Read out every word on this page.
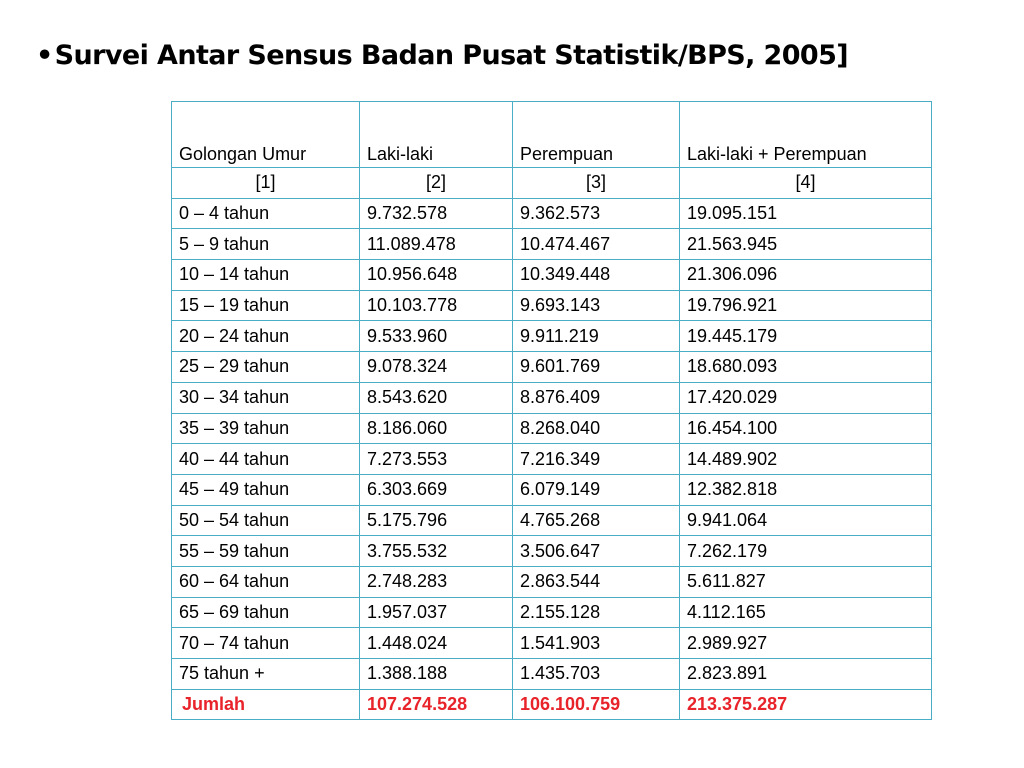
•Survei Antar Sensus Badan Pusat Statistik/BPS, 2005]
Golongan Umur	Laki-laki	Perempuan	Laki-laki + Perempuan
[1]	[2]	[3]	[4]
0 – 4 tahun	9.732.578	9.362.573	19.095.151
5 – 9 tahun	11.089.478	10.474.467	21.563.945
10 – 14 tahun	10.956.648	10.349.448	21.306.096
15 – 19 tahun	10.103.778	9.693.143	19.796.921
20 – 24 tahun	9.533.960	9.911.219	19.445.179
25 – 29 tahun	9.078.324	9.601.769	18.680.093
30 – 34 tahun	8.543.620	8.876.409	17.420.029
35 – 39 tahun	8.186.060	8.268.040	16.454.100
40 – 44 tahun	7.273.553	7.216.349	14.489.902
45 – 49 tahun	6.303.669	6.079.149	12.382.818
50 – 54 tahun	5.175.796	4.765.268	9.941.064
55 – 59 tahun	3.755.532	3.506.647	7.262.179
60 – 64 tahun	2.748.283	2.863.544	5.611.827
65 – 69 tahun	1.957.037	2.155.128	4.112.165
70 – 74 tahun	1.448.024	1.541.903	2.989.927
75 tahun +	1.388.188	1.435.703	2.823.891
Jumlah	107.274.528	106.100.759	213.375.287
